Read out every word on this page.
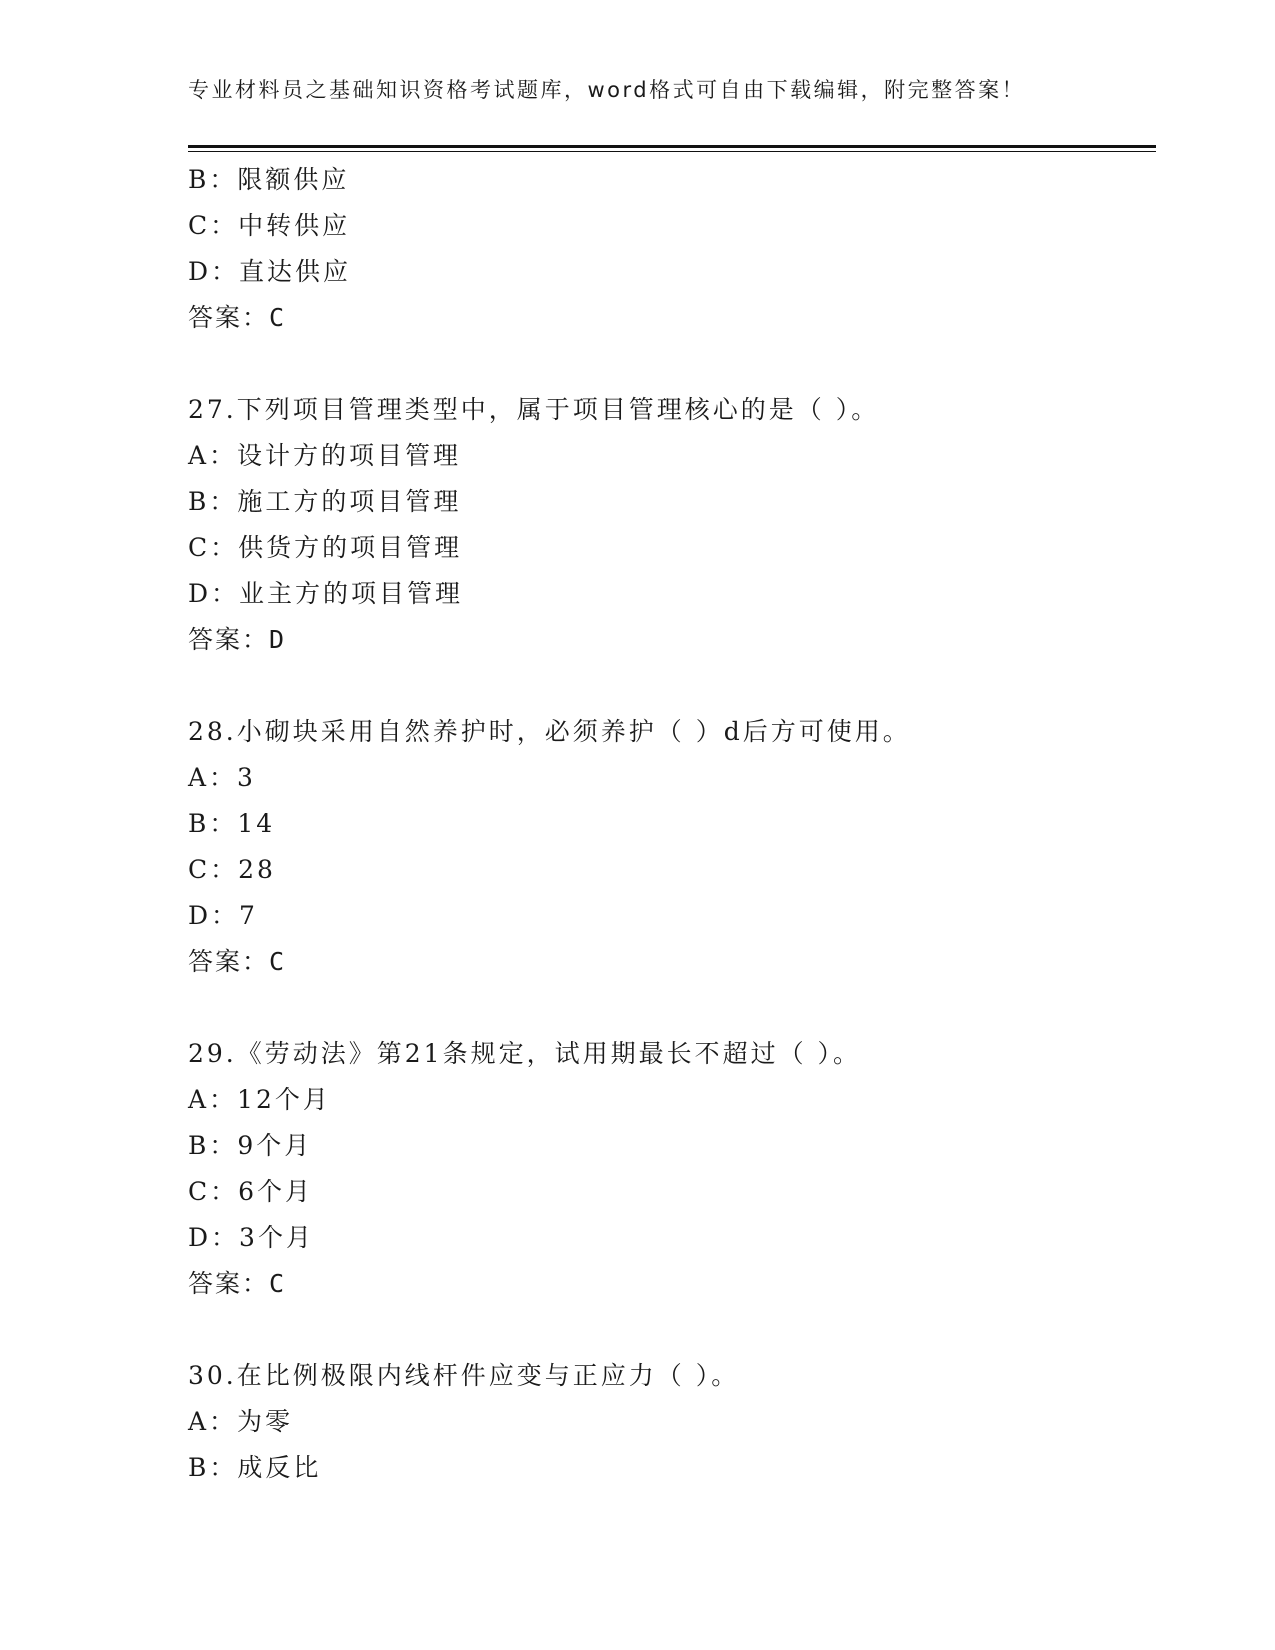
专业材料员之基础知识资格考试题库，word格式可自由下载编辑，附完整答案！
B：限额供应
C：中转供应
D：直达供应
答案：C
27.下列项目管理类型中，属于项目管理核心的是（ ）。
A：设计方的项目管理
B：施工方的项目管理
C：供货方的项目管理
D：业主方的项目管理
答案：D
28.小砌块采用自然养护时，必须养护（ ）d后方可使用。
A：3
B：14
C：28
D：7
答案：C
29.《劳动法》第21条规定，试用期最长不超过（ ）。
A：12个月
B：9个月
C：6个月
D：3个月
答案：C
30.在比例极限内线杆件应变与正应力（ ）。
A：为零
B：成反比
